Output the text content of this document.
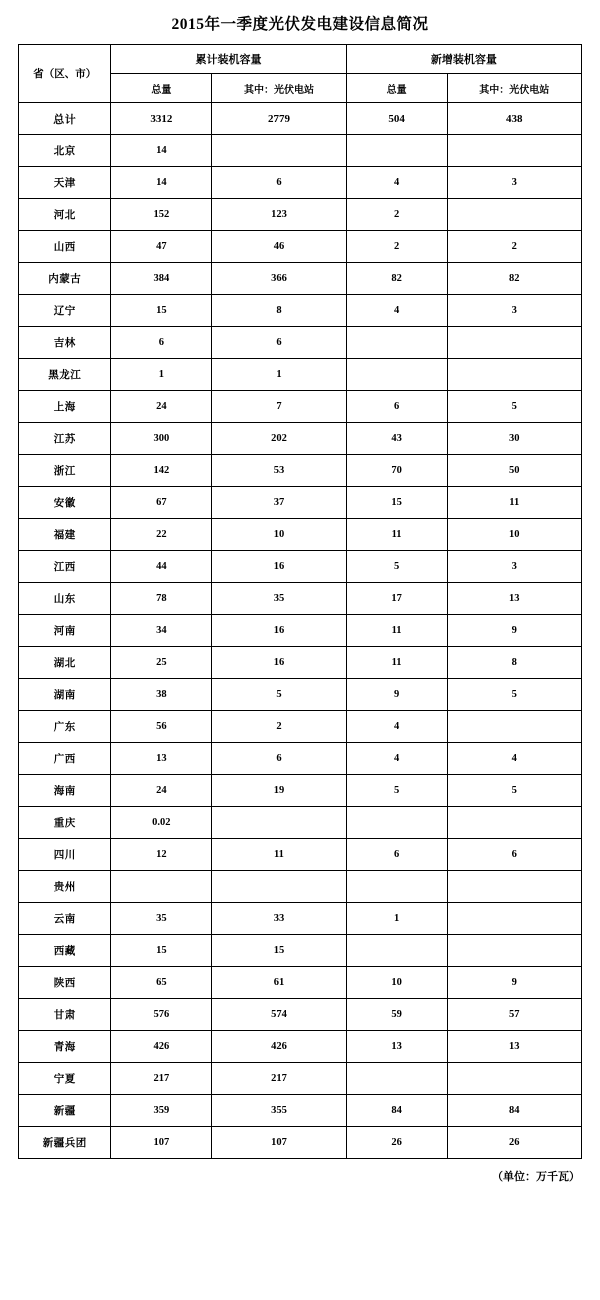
2015年一季度光伏发电建设信息简况
省（区、市）	累计装机容量		新增装机容量	
	总量	其中：光伏电站	总量	其中：光伏电站
总计	3312	2779	504	438
北京	14			
天津	14	6	4	3
河北	152	123	2	
山西	47	46	2	2
内蒙古	384	366	82	82
辽宁	15	8	4	3
吉林	6	6		
黑龙江	1	1		
上海	24	7	6	5
江苏	300	202	43	30
浙江	142	53	70	50
安徽	67	37	15	11
福建	22	10	11	10
江西	44	16	5	3
山东	78	35	17	13
河南	34	16	11	9
湖北	25	16	11	8
湖南	38	5	9	5
广东	56	2	4	
广西	13	6	4	4
海南	24	19	5	5
重庆	0.02			
四川	12	11	6	6
贵州				
云南	35	33	1	
西藏	15	15		
陕西	65	61	10	9
甘肃	576	574	59	57
青海	426	426	13	13
宁夏	217	217		
新疆	359	355	84	84
新疆兵团	107	107	26	26
（单位：万千瓦）
